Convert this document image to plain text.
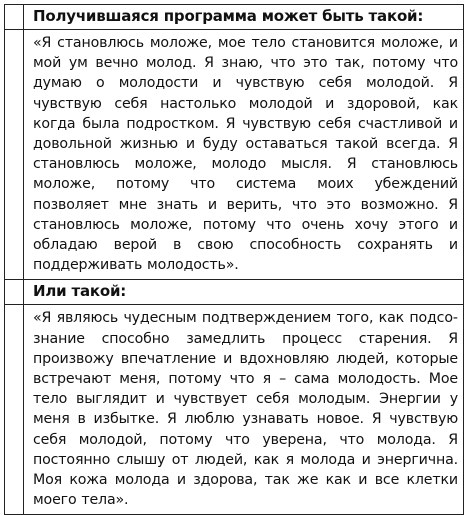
	Получившаяся программа может быть такой:
	«Я становлюсь моложе, мое тело становится моложе, и мой ум вечно молод. Я знаю, что это так, потому что думаю о молодости и чувствую себя молодой. Я чувствую себя настолько молодой и здоровой, как когда была подростком. Я чувствую себя счастливой и довольной жизнью и буду оставаться такой всегда. Я становлюсь моложе, молодо мысля. Я становлюсь моложе, потому что система моих убеждений позволяет мне знать и верить, что это возможно. Я становлюсь моложе, потому что очень хочу этого и обладаю верой в свою способность сохранять и поддерживать молодость».
	Или такой:
	«Я являюсь чудесным подтверждением того, как подсознание способно замедлить процесс старения. Я произвожу впечатление и вдохновляю людей, которые встречают меня, потому что я – сама молодость. Мое тело выглядит и чувствует себя молодым. Энергии у меня в избытке. Я люблю узнавать новое. Я чувствую себя молодой, потому что уверена, что молода. Я постоянно слышу от людей, как я молода и энергична. Моя кожа молода и здорова, так же как и все клетки моего тела».
